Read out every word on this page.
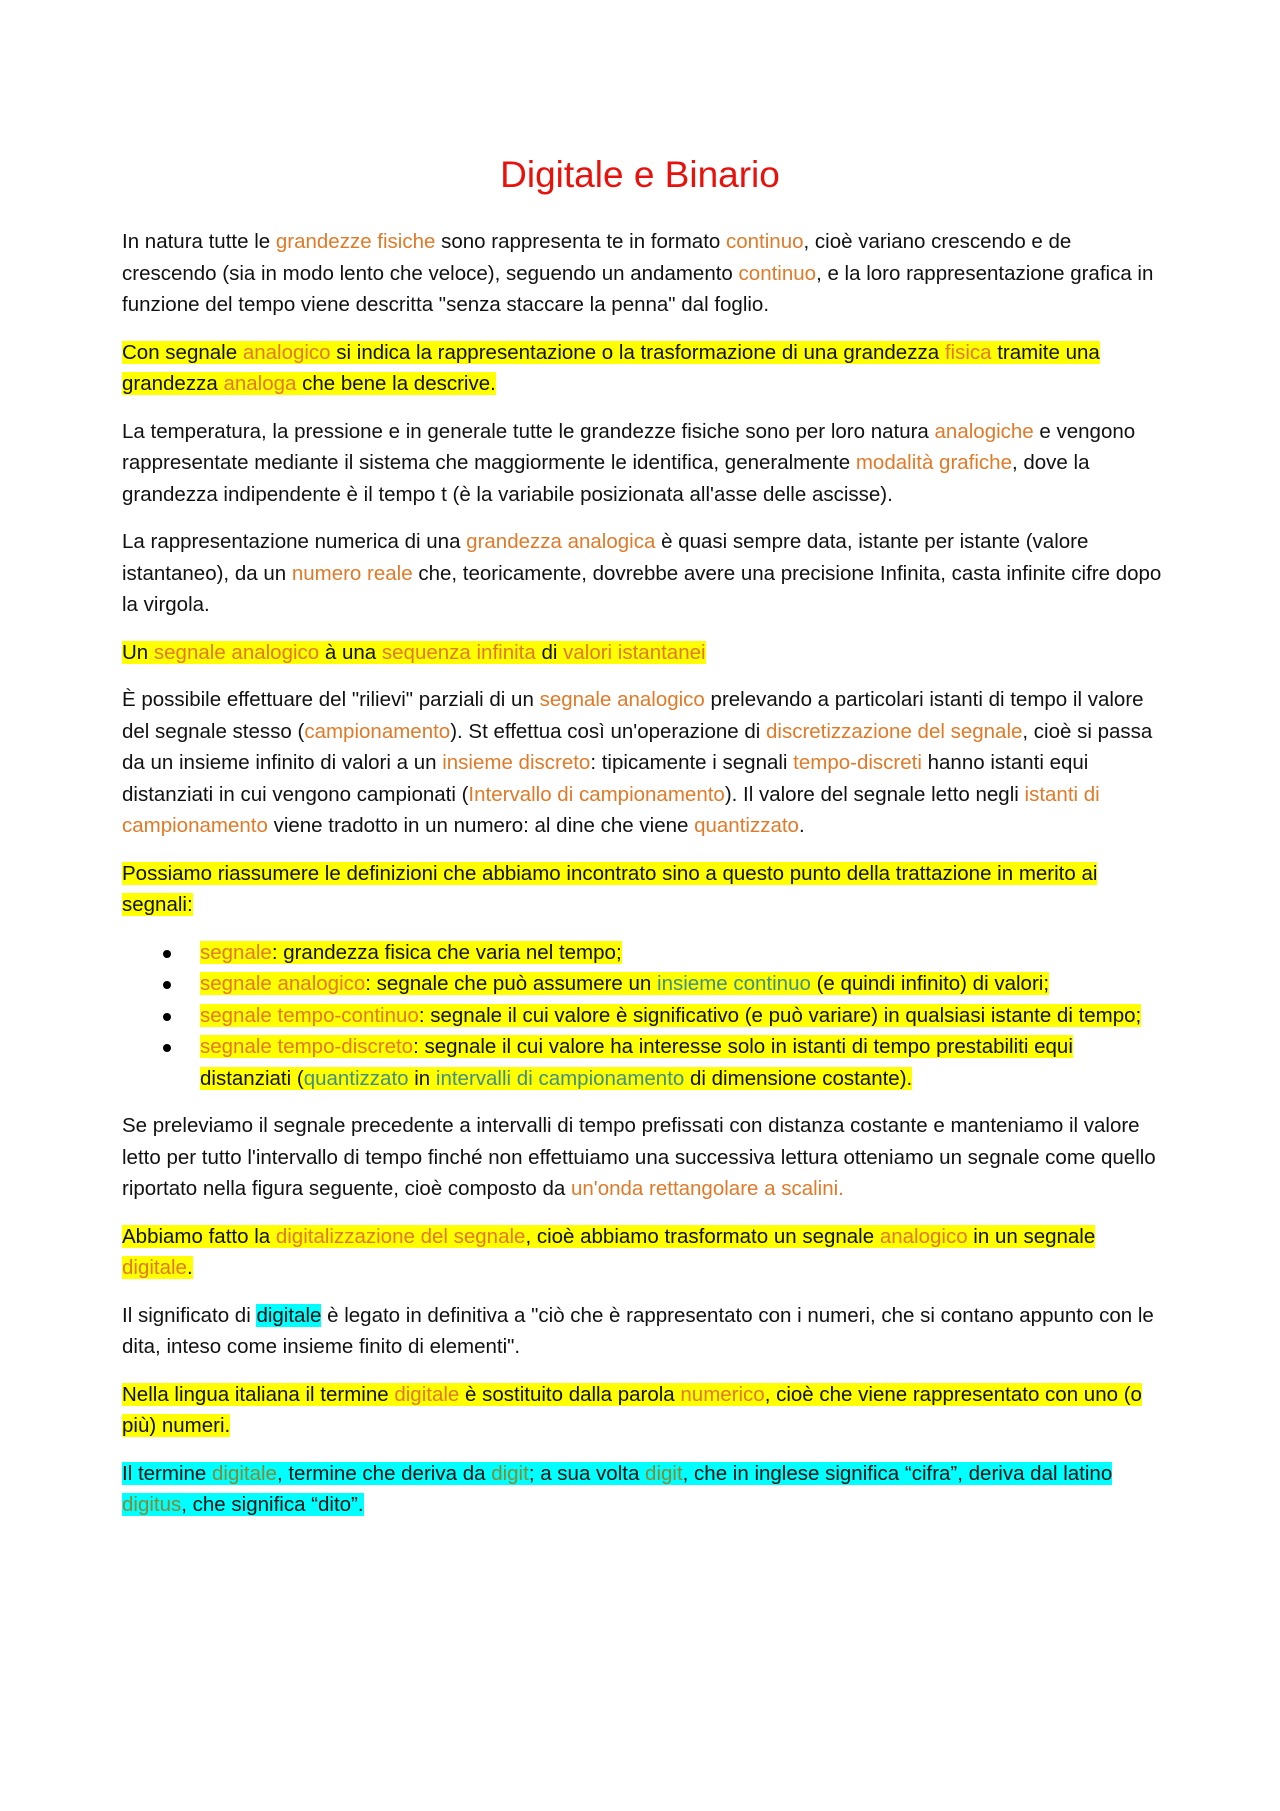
Digitale e Binario

In natura tutte le grandezze fisiche sono rappresenta te in formato continuo, cioè variano crescendo e de crescendo (sia in modo lento che veloce), seguendo un andamento continuo, e la loro rappresentazione grafica in funzione del tempo viene descritta "senza staccare la penna" dal foglio.

Con segnale analogico si indica la rappresentazione o la trasformazione di una grandezza fisica tramite una grandezza analoga che bene la descrive.

La temperatura, la pressione e in generale tutte le grandezze fisiche sono per loro natura analogiche e vengono rappresentate mediante il sistema che maggiormente le identifica, generalmente modalità grafiche, dove la grandezza indipendente è il tempo t (è la variabile posizionata all'asse delle ascisse).

La rappresentazione numerica di una grandezza analogica è quasi sempre data, istante per istante (valore istantaneo), da un numero reale che, teoricamente, dovrebbe avere una precisione Infinita, casta infinite cifre dopo la virgola.

Un segnale analogico à una sequenza infinita di valori istantanei

È possibile effettuare del "rilievi" parziali di un segnale analogico prelevando a particolari istanti di tempo il valore del segnale stesso (campionamento). St effettua così un'operazione di discretizzazione del segnale, cioè si passa da un insieme infinito di valori a un insieme discreto: tipicamente i segnali tempo-discreti hanno istanti equi distanziati in cui vengono campionati (Intervallo di campionamento). Il valore del segnale letto negli istanti di campionamento viene tradotto in un numero: al dine che viene quantizzato.

Possiamo riassumere le definizioni che abbiamo incontrato sino a questo punto della trattazione in merito ai segnali:

segnale: grandezza fisica che varia nel tempo;
segnale analogico: segnale che può assumere un insieme continuo (e quindi infinito) di valori;
segnale tempo-continuo: segnale il cui valore è significativo (e può variare) in qualsiasi istante di tempo;
segnale tempo-discreto: segnale il cui valore ha interesse solo in istanti di tempo prestabiliti equi distanziati (quantizzato in intervalli di campionamento di dimensione costante).

Se preleviamo il segnale precedente a intervalli di tempo prefissati con distanza costante e manteniamo il valore letto per tutto l'intervallo di tempo finché non effettuiamo una successiva lettura otteniamo un segnale come quello riportato nella figura seguente, cioè composto da un'onda rettangolare a scalini.

Abbiamo fatto la digitalizzazione del segnale, cioè abbiamo trasformato un segnale analogico in un segnale digitale.

Il significato di digitale è legato in definitiva a "ciò che è rappresentato con i numeri, che si contano appunto con le dita, inteso come insieme finito di elementi".

Nella lingua italiana il termine digitale è sostituito dalla parola numerico, cioè che viene rappresentato con uno (o più) numeri.

Il termine digitale, termine che deriva da digit; a sua volta digit, che in inglese significa “cifra”, deriva dal latino digitus, che significa “dito”.
